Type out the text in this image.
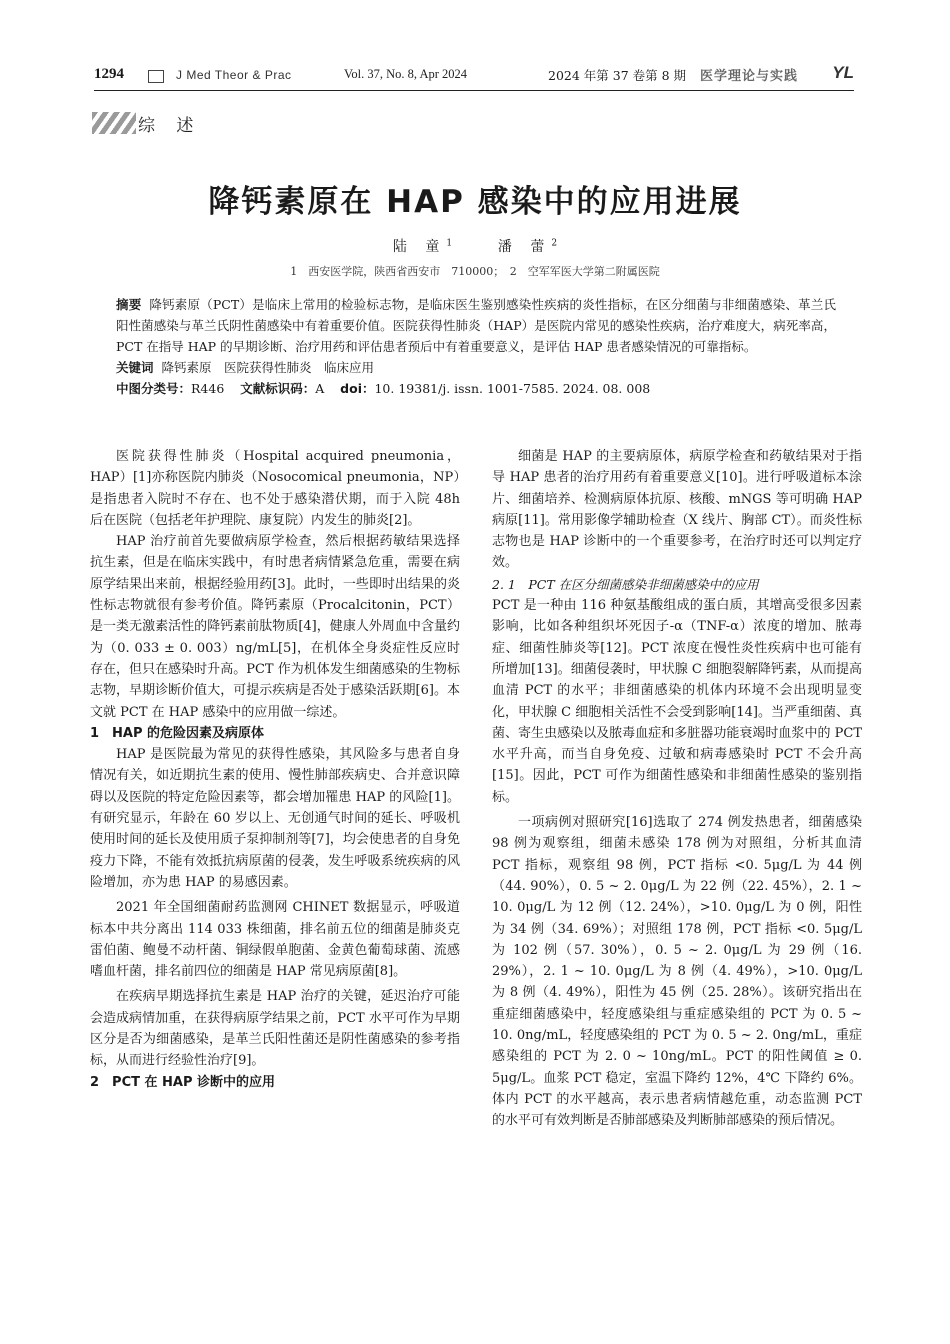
1294	J Med Theor & Prac	Vol. 37, No. 8, Apr 2024	2024 年第 37 卷第 8 期 医学理论与实践 YL
综 述
降钙素原在 HAP 感染中的应用进展
陆 童$^1$	潘 蕾$^2$
1　西安医学院，陕西省西安市　710000；　2　空军军医大学第二附属医院

摘要 降钙素原（PCT）是临床上常用的检验标志物，是临床医生鉴别感染性疾病的炎性指标，在区分细菌与非细菌感染、革兰氏阳性菌感染与革兰氏阴性菌感染中有着重要价值。医院获得性肺炎（HAP）是医院内常见的感染性疾病，治疗难度大，病死率高，PCT 在指导 HAP 的早期诊断、治疗用药和评估患者预后中有着重要意义，是评估 HAP 患者感染情况的可靠指标。

关键词 降钙素原　医院获得性肺炎　临床应用

中图分类号：R446 文献标识码：A doi：10. 19381/j. issn. 1001-7585. 2024. 08. 008

医院获得性肺炎（Hospital acquired pneumonia，HAP）[1]亦称医院内肺炎（Nosocomical pneumonia，NP）是指患者入院时不存在、也不处于感染潜伏期，而于入院 48h 后在医院（包括老年护理院、康复院）内发生的肺炎[2]。

HAP 治疗前首先要做病原学检查，然后根据药敏结果选择抗生素，但是在临床实践中，有时患者病情紧急危重，需要在病原学结果出来前，根据经验用药[3]。此时，一些即时出结果的炎性标志物就很有参考价值。降钙素原（Procalcitonin，PCT）是一类无激素活性的降钙素前肽物质[4]，健康人外周血中含量约为（0. 033 ± 0. 003）ng/mL[5]，在机体全身炎症性反应时存在，但只在感染时升高。PCT 作为机体发生细菌感染的生物标志物，早期诊断价值大，可提示疾病是否处于感染活跃期[6]。本文就 PCT 在 HAP 感染中的应用做一综述。

1　HAP 的危险因素及病原体

HAP 是医院最为常见的获得性感染，其风险多与患者自身情况有关，如近期抗生素的使用、慢性肺部疾病史、合并意识障碍以及医院的特定危险因素等，都会增加罹患 HAP 的风险[1]。有研究显示，年龄在 60 岁以上、无创通气时间的延长、呼吸机使用时间的延长及使用质子泵抑制剂等[7]，均会使患者的自身免疫力下降，不能有效抵抗病原菌的侵袭，发生呼吸系统疾病的风险增加，亦为患 HAP 的易感因素。

2021 年全国细菌耐药监测网 CHINET 数据显示，呼吸道标本中共分离出 114 033 株细菌，排名前五位的细菌是肺炎克雷伯菌、鲍曼不动杆菌、铜绿假单胞菌、金黄色葡萄球菌、流感嗜血杆菌，排名前四位的细菌是 HAP 常见病原菌[8]。

在疾病早期选择抗生素是 HAP 治疗的关键，延迟治疗可能会造成病情加重，在获得病原学结果之前，PCT 水平可作为早期区分是否为细菌感染，是革兰氏阳性菌还是阴性菌感染的参考指标，从而进行经验性治疗[9]。

2　PCT 在 HAP 诊断中的应用

细菌是 HAP 的主要病原体，病原学检查和药敏结果对于指导 HAP 患者的治疗用药有着重要意义[10]。进行呼吸道标本涂片、细菌培养、检测病原体抗原、核酸、mNGS 等可明确 HAP 病原[11]。常用影像学辅助检查（X 线片、胸部 CT）。而炎性标志物也是 HAP 诊断中的一个重要参考，在治疗时还可以判定疗效。

2. 1　PCT 在区分细菌感染非细菌感染中的应用

PCT 是一种由 116 种氨基酸组成的蛋白质，其增高受很多因素影响，比如各种组织坏死因子-α（TNF-α）浓度的增加、脓毒症、细菌性肺炎等[12]。PCT 浓度在慢性炎性疾病中也可能有所增加[13]。细菌侵袭时，甲状腺 C 细胞裂解降钙素，从而提高血清 PCT 的水平；非细菌感染的机体内环境不会出现明显变化，甲状腺 C 细胞相关活性不会受到影响[14]。当严重细菌、真菌、寄生虫感染以及脓毒血症和多脏器功能衰竭时血浆中的 PCT 水平升高，而当自身免疫、过敏和病毒感染时 PCT 不会升高[15]。因此，PCT 可作为细菌性感染和非细菌性感染的鉴别指标。

一项病例对照研究[16]选取了 274 例发热患者，细菌感染 98 例为观察组，细菌未感染 178 例为对照组，分析其血清 PCT 指标，观察组 98 例，PCT 指标 <0. 5μg/L 为 44 例（44. 90%），0. 5 ~ 2. 0μg/L 为 22 例（22. 45%），2. 1 ~ 10. 0μg/L 为 12 例（12. 24%），>10. 0μg/L 为 0 例，阳性为 34 例（34. 69%）；对照组 178 例，PCT 指标 <0. 5μg/L 为 102 例（57. 30%），0. 5 ~ 2. 0μg/L 为 29 例（16. 29%），2. 1 ~ 10. 0μg/L 为 8 例（4. 49%），>10. 0μg/L 为 8 例（4. 49%），阳性为 45 例（25. 28%）。该研究指出在重症细菌感染中，轻度感染组与重症感染组的 PCT 为 0. 5 ~ 10. 0ng/mL，轻度感染组的 PCT 为 0. 5 ~ 2. 0ng/mL，重症感染组的 PCT 为 2. 0 ~ 10ng/mL。PCT 的阳性阈值 ≥ 0. 5μg/L。血浆 PCT 稳定，室温下降约 12%，4℃ 下降约 6%。体内 PCT 的水平越高，表示患者病情越危重，动态监测 PCT 的水平可有效判断是否肺部感染及判断肺部感染的预后情况。
